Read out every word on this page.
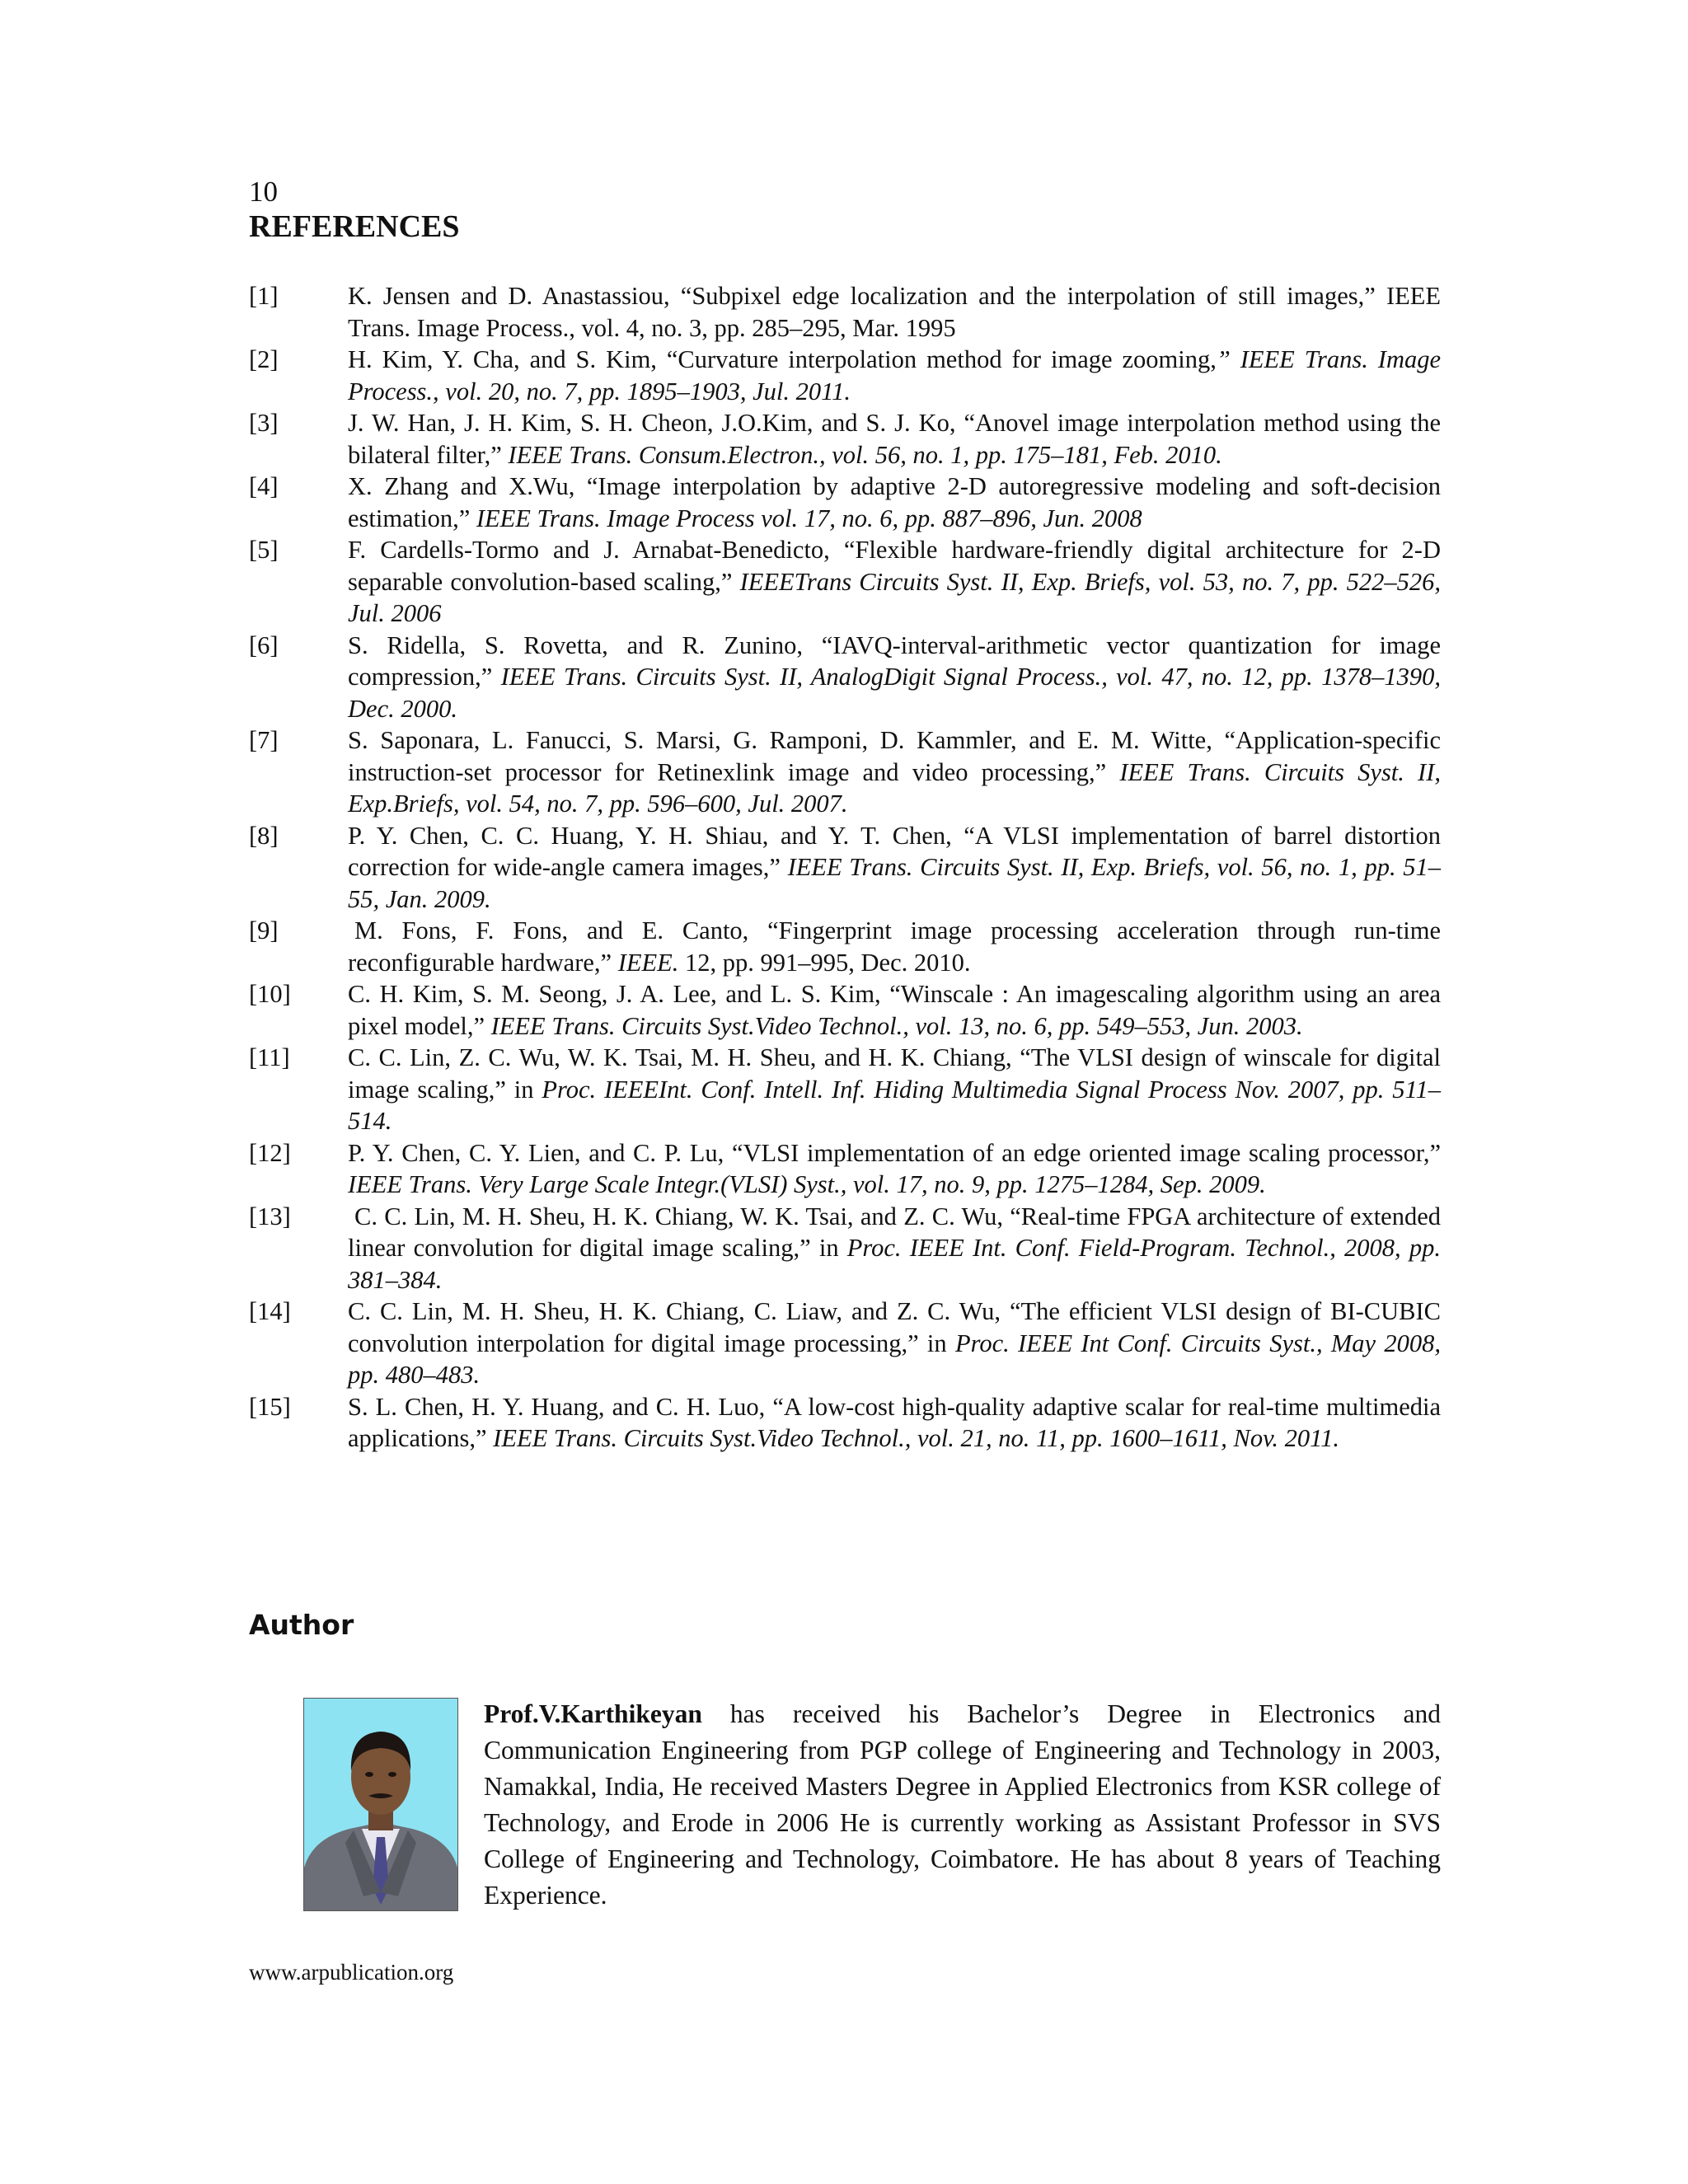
10
REFERENCES
[1]	K. Jensen and D. Anastassiou, “Subpixel edge localization and the interpolation of still images,” IEEE Trans. Image Process., vol. 4, no. 3, pp. 285–295, Mar. 1995
[2]	H. Kim, Y. Cha, and S. Kim, “Curvature interpolation method for image zooming,” IEEE Trans. Image Process., vol. 20, no. 7, pp. 1895–1903, Jul. 2011.
[3]	J. W. Han, J. H. Kim, S. H. Cheon, J.O.Kim, and S. J. Ko, “Anovel image interpolation method using the bilateral filter,” IEEE Trans. Consum.Electron., vol. 56, no. 1, pp. 175–181, Feb. 2010.
[4]	X. Zhang and X.Wu, “Image interpolation by adaptive 2-D autoregressive modeling and soft-decision estimation,” IEEE Trans. Image Process vol. 17, no. 6, pp. 887–896, Jun. 2008
[5]	F. Cardells-Tormo and J. Arnabat-Benedicto, “Flexible hardware-friendly digital architecture for 2-D separable convolution-based scaling,” IEEETrans Circuits Syst. II, Exp. Briefs, vol. 53, no. 7, pp. 522–526, Jul. 2006
[6]	S. Ridella, S. Rovetta, and R. Zunino, “IAVQ-interval-arithmetic vector quantization for image compression,” IEEE Trans. Circuits Syst. II, AnalogDigit Signal Process., vol. 47, no. 12, pp. 1378–1390, Dec. 2000.
[7]	S. Saponara, L. Fanucci, S. Marsi, G. Ramponi, D. Kammler, and E. M. Witte, “Application-specific instruction-set processor for Retinexlink image and video processing,” IEEE Trans. Circuits Syst. II, Exp.Briefs, vol. 54, no. 7, pp. 596–600, Jul. 2007.
[8]	P. Y. Chen, C. C. Huang, Y. H. Shiau, and Y. T. Chen, “A VLSI implementation of barrel distortion correction for wide-angle camera images,” IEEE Trans. Circuits Syst. II, Exp. Briefs, vol. 56, no. 1, pp. 51–55, Jan. 2009.
[9]	M. Fons, F. Fons, and E. Canto, “Fingerprint image processing acceleration through run-time reconfigurable hardware,” IEEE. 12, pp. 991–995, Dec. 2010.
[10]	C. H. Kim, S. M. Seong, J. A. Lee, and L. S. Kim, “Winscale : An imagescaling algorithm using an area pixel model,” IEEE Trans. Circuits Syst.Video Technol., vol. 13, no. 6, pp. 549–553, Jun. 2003.
[11]	C. C. Lin, Z. C. Wu, W. K. Tsai, M. H. Sheu, and H. K. Chiang, “The VLSI design of winscale for digital image scaling,” in Proc. IEEEInt. Conf. Intell. Inf. Hiding Multimedia Signal Process Nov. 2007, pp. 511–514.
[12]	P. Y. Chen, C. Y. Lien, and C. P. Lu, “VLSI implementation of an edge oriented image scaling processor,” IEEE Trans. Very Large Scale Integr.(VLSI) Syst., vol. 17, no. 9, pp. 1275–1284, Sep. 2009.
[13]	C. C. Lin, M. H. Sheu, H. K. Chiang, W. K. Tsai, and Z. C. Wu, “Real-time FPGA architecture of extended linear convolution for digital image scaling,” in Proc. IEEE Int. Conf. Field-Program. Technol., 2008, pp. 381–384.
[14]	C. C. Lin, M. H. Sheu, H. K. Chiang, C. Liaw, and Z. C. Wu, “The efficient VLSI design of BI-CUBIC convolution interpolation for digital image processing,” in Proc. IEEE Int Conf. Circuits Syst., May 2008, pp. 480–483.
[15]	S. L. Chen, H. Y. Huang, and C. H. Luo, “A low-cost high-quality adaptive scalar for real-time multimedia applications,” IEEE Trans. Circuits Syst.Video Technol., vol. 21, no. 11, pp. 1600–1611, Nov. 2011.
Author
Prof.V.Karthikeyan has received his Bachelor’s Degree in Electronics and Communication Engineering from PGP college of Engineering and Technology in 2003, Namakkal, India, He received Masters Degree in Applied Electronics from KSR college of Technology, and Erode in 2006 He is currently working as Assistant Professor in SVS College of Engineering and Technology, Coimbatore. He has about 8 years of Teaching Experience.
www.arpublication.org
